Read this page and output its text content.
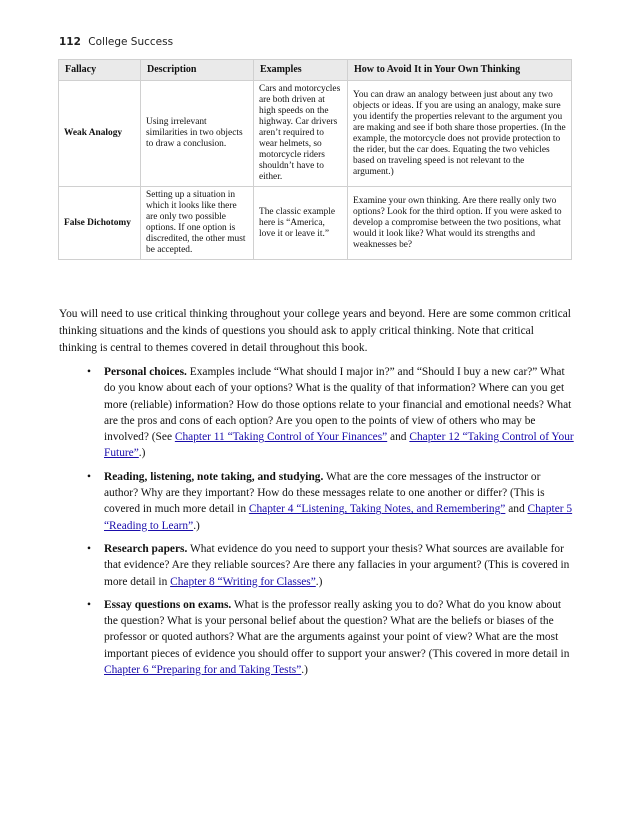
112 College Success
Fallacy	Description	Examples	How to Avoid It in Your Own Thinking
Weak Analogy	Using irrelevant similarities in two objects to draw a conclusion.	Cars and motorcycles are both driven at high speeds on the highway. Car drivers aren’t required to wear helmets, so motorcycle riders shouldn’t have to either.	You can draw an analogy between just about any two objects or ideas. If you are using an analogy, make sure you identify the properties relevant to the argument you are making and see if both share those properties. (In the example, the motorcycle does not provide protection to the rider, but the car does. Equating the two vehicles based on traveling speed is not relevant to the argument.)
False Dichotomy	Setting up a situation in which it looks like there are only two possible options. If one option is discredited, the other must be accepted.	The classic example here is “America, love it or leave it.”	Examine your own thinking. Are there really only two options? Look for the third option. If you were asked to develop a compromise between the two positions, what would it look like? What would its strengths and weaknesses be?

You will need to use critical thinking throughout your college years and beyond. Here are some common critical thinking situations and the kinds of questions you should ask to apply critical thinking. Note that critical thinking is central to themes covered in detail throughout this book.

• Personal choices. Examples include “What should I major in?” and “Should I buy a new car?” What do you know about each of your options? What is the quality of that information? Where can you get more (reliable) information? How do those options relate to your financial and emotional needs? What are the pros and cons of each option? Are you open to the points of view of others who may be involved? (See Chapter 11 “Taking Control of Your Finances” and Chapter 12 “Taking Control of Your Future”.)
• Reading, listening, note taking, and studying. What are the core messages of the instructor or author? Why are they important? How do these messages relate to one another or differ? (This is covered in much more detail in Chapter 4 “Listening, Taking Notes, and Remembering” and Chapter 5 “Reading to Learn”.)
• Research papers. What evidence do you need to support your thesis? What sources are available for that evidence? Are they reliable sources? Are there any fallacies in your argument? (This is covered in more detail in Chapter 8 “Writing for Classes”.)
• Essay questions on exams. What is the professor really asking you to do? What do you know about the question? What is your personal belief about the question? What are the beliefs or biases of the professor or quoted authors? What are the arguments against your point of view? What are the most important pieces of evidence you should offer to support your answer? (This covered in more detail in Chapter 6 “Preparing for and Taking Tests”.)
